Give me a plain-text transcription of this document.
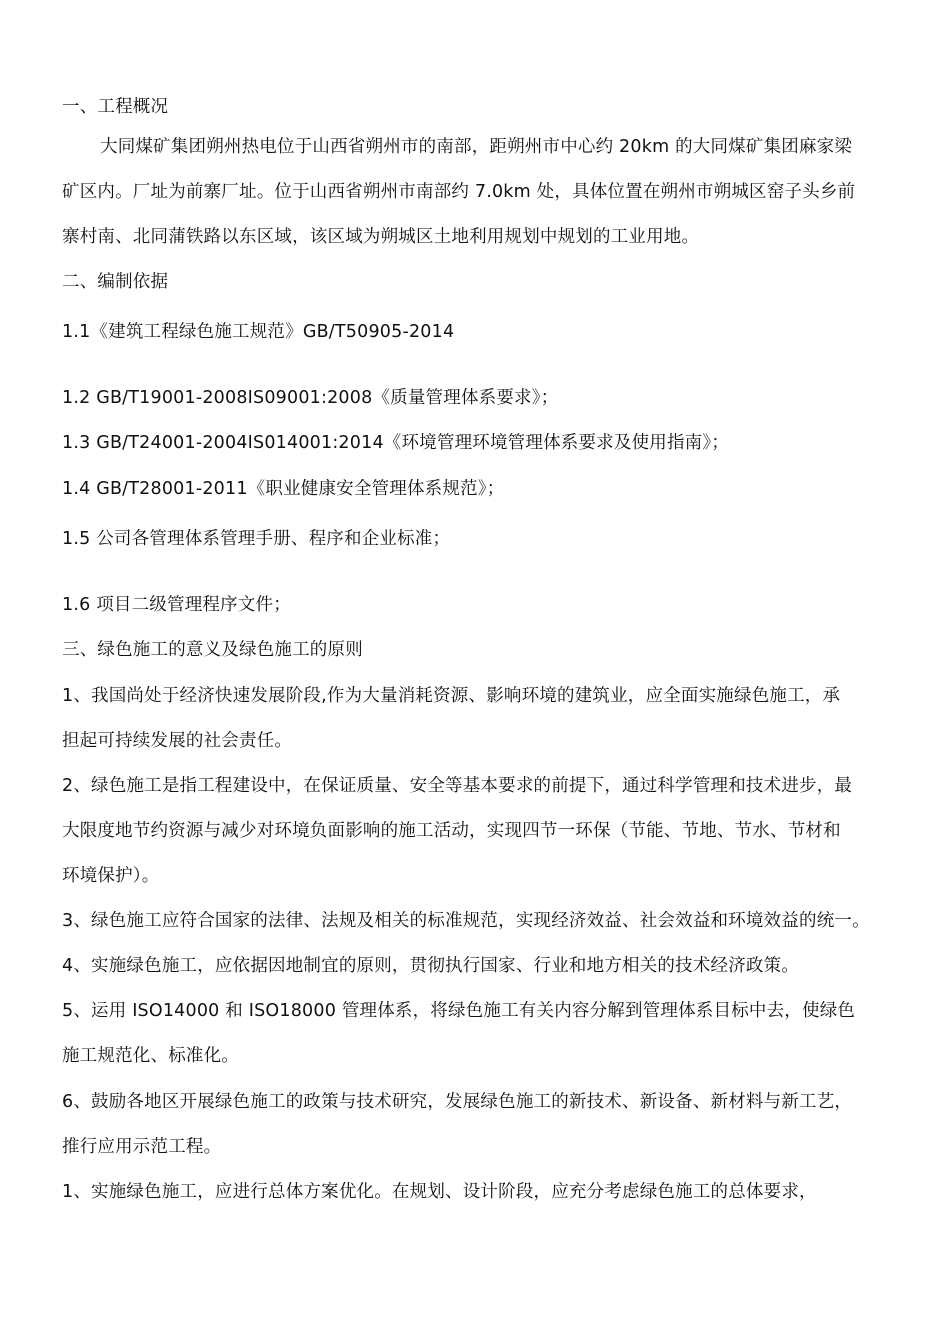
一、工程概况
大同煤矿集团朔州热电位于山西省朔州市的南部，距朔州市中心约 20km 的大同煤矿集团麻家梁
矿区内。厂址为前寨厂址。位于山西省朔州市南部约 7.0km 处，具体位置在朔州市朔城区窑子头乡前
寨村南、北同蒲铁路以东区域，该区域为朔城区土地利用规划中规划的工业用地。
二、编制依据
1.1《建筑工程绿色施工规范》GB/T50905-2014
1.2 GB/T19001-2008IS09001:2008《质量管理体系要求》；
1.3 GB/T24001-2004IS014001:2014《环境管理环境管理体系要求及使用指南》；
1.4 GB/T28001-2011《职业健康安全管理体系规范》；
1.5 公司各管理体系管理手册、程序和企业标准；
1.6 项目二级管理程序文件；
三、绿色施工的意义及绿色施工的原则
1、我国尚处于经济快速发展阶段,作为大量消耗资源、影响环境的建筑业，应全面实施绿色施工，承
担起可持续发展的社会责任。
2、绿色施工是指工程建设中，在保证质量、安全等基本要求的前提下，通过科学管理和技术进步，最
大限度地节约资源与减少对环境负面影响的施工活动，实现四节一环保（节能、节地、节水、节材和
环境保护）。
3、绿色施工应符合国家的法律、法规及相关的标准规范，实现经济效益、社会效益和环境效益的统一。
4、实施绿色施工，应依据因地制宜的原则，贯彻执行国家、行业和地方相关的技术经济政策。
5、运用 ISO14000 和 ISO18000 管理体系，将绿色施工有关内容分解到管理体系目标中去，使绿色
施工规范化、标准化。
6、鼓励各地区开展绿色施工的政策与技术研究，发展绿色施工的新技术、新设备、新材料与新工艺，
推行应用示范工程。
1、实施绿色施工，应进行总体方案优化。在规划、设计阶段，应充分考虑绿色施工的总体要求，
